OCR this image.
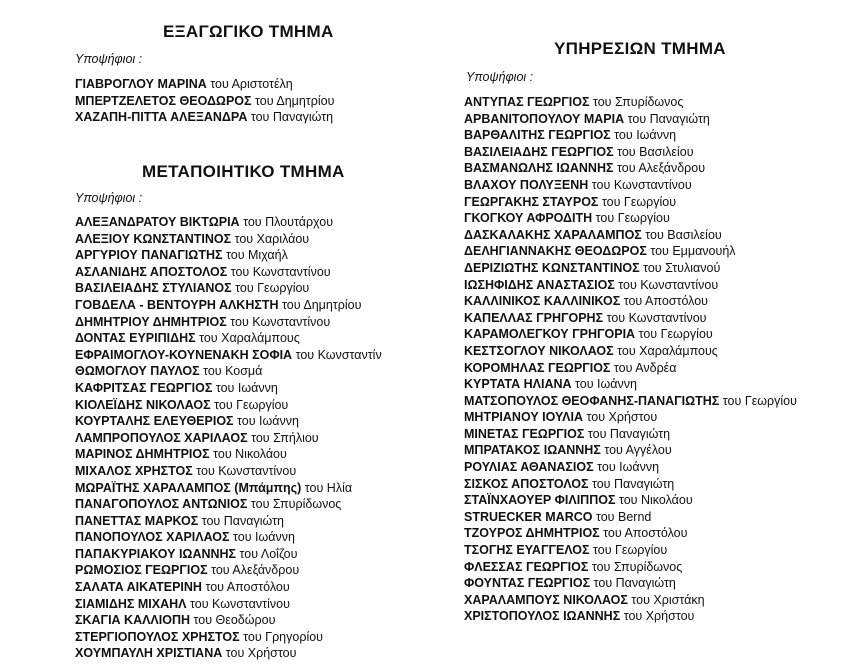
ΕΞΑΓΩΓΙΚΟ ΤΜΗΜΑ

Υποψήφιοι :

ΓΙΑΒΡΟΓΛΟΥ ΜΑΡΙΝΑ του Αριστοτέλη
ΜΠΕΡΤΖΕΛΕΤΟΣ ΘΕΟΔΩΡΟΣ του Δημητρίου
ΧΑΖΑΠΗ-ΠΙΤΤΑ ΑΛΕΞΑΝΔΡΑ του Παναγιώτη
ΜΕΤΑΠΟΙΗΤΙΚΟ ΤΜΗΜΑ

Υποψήφιοι :

ΑΛΕΞΑΝΔΡΑΤΟΥ ΒΙΚΤΩΡΙΑ του Πλουτάρχου
ΑΛΕΞΙΟΥ ΚΩΝΣΤΑΝΤΙΝΟΣ του Χαριλάου
ΑΡΓΥΡΙΟΥ ΠΑΝΑΓΙΩΤΗΣ του Μιχαήλ
ΑΣΛΑΝΙΔΗΣ ΑΠΟΣΤΟΛΟΣ του Κωνσταντίνου
ΒΑΣΙΛΕΙΑΔΗΣ ΣΤΥΛΙΑΝΟΣ του Γεωργίου
ΓΟΒΔΕΛΑ - ΒΕΝΤΟΥΡΗ ΑΛΚΗΣΤΗ του Δημητρίου
ΔΗΜΗΤΡΙΟΥ ΔΗΜΗΤΡΙΟΣ του Κωνσταντίνου
ΔΟΝΤΑΣ ΕΥΡΙΠΙΔΗΣ του Χαραλάμπους
ΕΦΡΑΙΜΟΓΛΟΥ-ΚΟΥΝΕΝΑΚΗ ΣΟΦΙΑ του Κωνσταντίν
ΘΩΜΟΓΛΟΥ ΠΑΥΛΟΣ του Κοσμά
ΚΑΦΡΙΤΣΑΣ ΓΕΩΡΓΙΟΣ του Ιωάννη
ΚΙΟΛΕΪΔΗΣ ΝΙΚΟΛΑΟΣ του Γεωργίου
ΚΟΥΡΤΑΛΗΣ ΕΛΕΥΘΕΡΙΟΣ του Ιωάννη
ΛΑΜΠΡΟΠΟΥΛΟΣ ΧΑΡΙΛΑΟΣ του Σπήλιου
ΜΑΡΙΝΟΣ ΔΗΜΗΤΡΙΟΣ του Νικολάου
ΜΙΧΑΛΟΣ ΧΡΗΣΤΟΣ του Κωνσταντίνου
ΜΩΡΑΪΤΗΣ ΧΑΡΑΛΑΜΠΟΣ (Μπάμπης) του Ηλία
ΠΑΝΑΓΟΠΟΥΛΟΣ ΑΝΤΩΝΙΟΣ του Σπυρίδωνος
ΠΑΝΕΤΤΑΣ ΜΑΡΚΟΣ του Παναγιώτη
ΠΑΝΟΠΟΥΛΟΣ ΧΑΡΙΛΑΟΣ του Ιωάννη
ΠΑΠΑΚΥΡΙΑΚΟΥ ΙΩΑΝΝΗΣ του Λοΐζου
ΡΩΜΟΣΙΟΣ ΓΕΩΡΓΙΟΣ του Αλεξάνδρου
ΣΑΛΑΤΑ ΑΙΚΑΤΕΡΙΝΗ του Αποστόλου
ΣΙΑΜΙΔΗΣ ΜΙΧΑΗΛ του Κωνσταντίνου
ΣΚΑΓΙΑ ΚΑΛΛΙΟΠΗ του Θεοδώρου
ΣΤΕΡΓΙΟΠΟΥΛΟΣ ΧΡΗΣΤΟΣ του Γρηγορίου
ΧΟΥΜΠΑΥΛΗ ΧΡΙΣΤΙΑΝΑ του Χρήστου
ΥΠΗΡΕΣΙΩΝ ΤΜΗΜΑ

Υποψήφιοι :

ΑΝΤΥΠΑΣ ΓΕΩΡΓΙΟΣ του Σπυρίδωνος
ΑΡΒΑΝΙΤΟΠΟΥΛΟΥ ΜΑΡΙΑ του Παναγιώτη
ΒΑΡΘΑΛΙΤΗΣ ΓΕΩΡΓΙΟΣ του Ιωάννη
ΒΑΣΙΛΕΙΑΔΗΣ ΓΕΩΡΓΙΟΣ του Βασιλείου
ΒΑΣΜΑΝΩΛΗΣ ΙΩΑΝΝΗΣ του Αλεξάνδρου
ΒΛΑΧΟΥ ΠΟΛΥΞΕΝΗ του Κωνσταντίνου
ΓΕΩΡΓΑΚΗΣ ΣΤΑΥΡΟΣ του Γεωργίου
ΓΚΟΓΚΟΥ ΑΦΡΟΔΙΤΗ του Γεωργίου
ΔΑΣΚΑΛΑΚΗΣ ΧΑΡΑΛΑΜΠΟΣ του Βασιλείου
ΔΕΛΗΓΙΑΝΝΑΚΗΣ ΘΕΟΔΩΡΟΣ του Εμμανουήλ
ΔΕΡΙΖΙΩΤΗΣ ΚΩΝΣΤΑΝΤΙΝΟΣ του Στυλιανού
ΙΩΣΗΦΙΔΗΣ ΑΝΑΣΤΑΣΙΟΣ του Κωνσταντίνου
ΚΑΛΛΙΝΙΚΟΣ ΚΑΛΛΙΝΙΚΟΣ του Αποστόλου
ΚΑΠΕΛΛΑΣ ΓΡΗΓΟΡΗΣ του Κωνσταντίνου
ΚΑΡΑΜΟΛΕΓΚΟΥ ΓΡΗΓΟΡΙΑ του Γεωργίου
ΚΕΣΤΣΟΓΛΟΥ ΝΙΚΟΛΑΟΣ του Χαραλάμπους
ΚΟΡΟΜΗΛΑΣ ΓΕΩΡΓΙΟΣ του Ανδρέα
ΚΥΡΤΑΤΑ ΗΛΙΑΝΑ του Ιωάννη
ΜΑΤΣΟΠΟΥΛΟΣ ΘΕΟΦΑΝΗΣ-ΠΑΝΑΓΙΩΤΗΣ του Γεωργίου
ΜΗΤΡΙΑΝΟΥ ΙΟΥΛΙΑ του Χρήστου
ΜΙΝΕΤΑΣ ΓΕΩΡΓΙΟΣ του Παναγιώτη
ΜΠΡΑΤΑΚΟΣ ΙΩΑΝΝΗΣ του Αγγέλου
ΡΟΥΛΙΑΣ ΑΘΑΝΑΣΙΟΣ του Ιωάννη
ΣΙΣΚΟΣ ΑΠΟΣΤΟΛΟΣ του Παναγιώτη
ΣΤΑΪΝΧΑΟΥΕΡ ΦΙΛΙΠΠΟΣ του Νικολάου
STRUECKER MARCO του Bernd
ΤΖΟΥΡΟΣ ΔΗΜΗΤΡΙΟΣ του Αποστόλου
ΤΣΟΓΗΣ ΕΥΑΓΓΕΛΟΣ του Γεωργίου
ΦΛΕΣΣΑΣ ΓΕΩΡΓΙΟΣ του Σπυρίδωνος
ΦΟΥΝΤΑΣ ΓΕΩΡΓΙΟΣ του Παναγιώτη
ΧΑΡΑΛΑΜΠΟΥΣ ΝΙΚΟΛΑΟΣ του Χριστάκη
ΧΡΙΣΤΟΠΟΥΛΟΣ ΙΩΑΝΝΗΣ του Χρήστου
